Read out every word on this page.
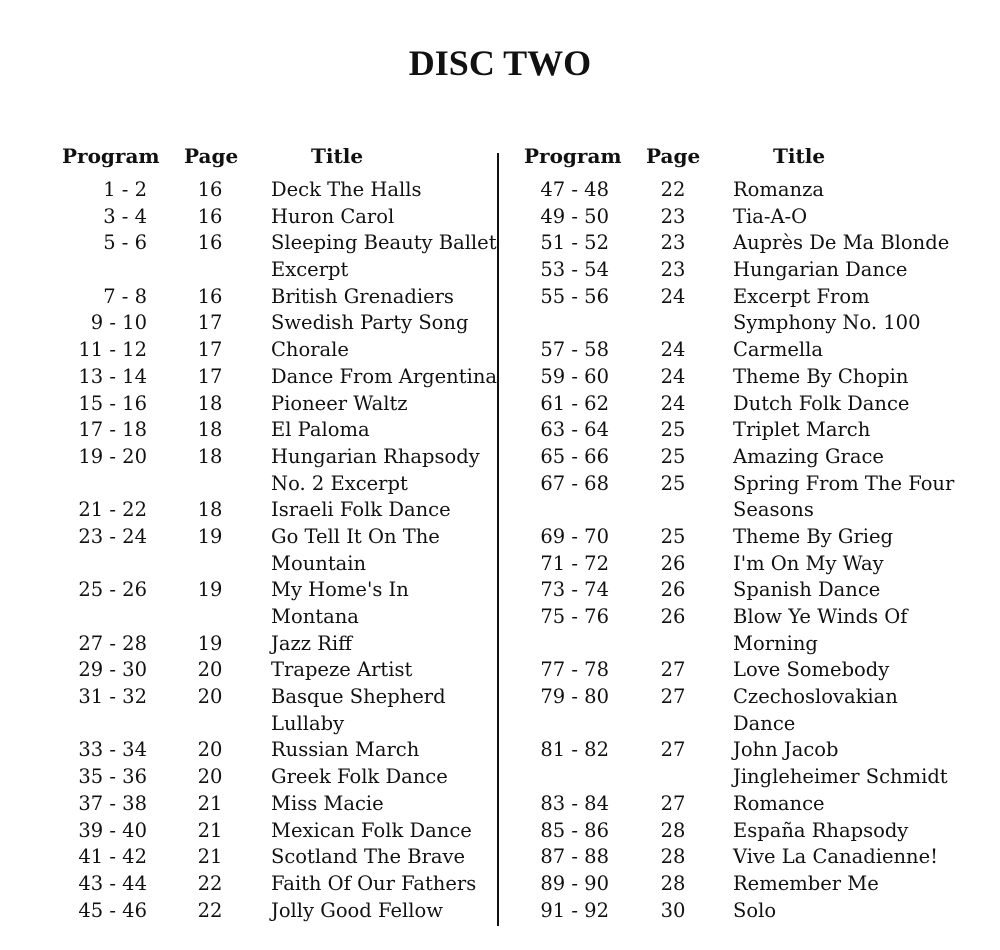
DISC TWO
Program Page	Title	Program Page	Title
1 - 2	16	Deck The Halls
3 - 4	16	Huron Carol
5 - 6	16	Sleeping Beauty Ballet
Excerpt
7 - 8	16	British Grenadiers
9 - 10	17	Swedish Party Song
11 - 12	17	Chorale
13 - 14	17	Dance From Argentina
15 - 16	18	Pioneer Waltz
17 - 18	18	El Paloma
19 - 20	18	Hungarian Rhapsody
No. 2 Excerpt
21 - 22	18	Israeli Folk Dance
23 - 24	19	Go Tell It On The
Mountain
25 - 26	19	My Home's In
Montana
27 - 28	19	Jazz Riff
29 - 30	20	Trapeze Artist
31 - 32	20	Basque Shepherd
Lullaby
33 - 34	20	Russian March
35 - 36	20	Greek Folk Dance
37 - 38	21	Miss Macie
39 - 40	21	Mexican Folk Dance
41 - 42	21	Scotland The Brave
43 - 44	22	Faith Of Our Fathers
45 - 46	22	Jolly Good Fellow
47 - 48	22	Romanza
49 - 50	23	Tia-A-O
51 - 52	23	Auprès De Ma Blonde
53 - 54	23	Hungarian Dance
55 - 56	24	Excerpt From
Symphony No. 100
57 - 58	24	Carmella
59 - 60	24	Theme By Chopin
61 - 62	24	Dutch Folk Dance
63 - 64	25	Triplet March
65 - 66	25	Amazing Grace
67 - 68	25	Spring From The Four
Seasons
69 - 70	25	Theme By Grieg
71 - 72	26	I'm On My Way
73 - 74	26	Spanish Dance
75 - 76	26	Blow Ye Winds Of
Morning
77 - 78	27	Love Somebody
79 - 80	27	Czechoslovakian
Dance
81 - 82	27	John Jacob
Jingleheimer Schmidt
83 - 84	27	Romance
85 - 86	28	España Rhapsody
87 - 88	28	Vive La Canadienne!
89 - 90	28	Remember Me
91 - 92	30	Solo
